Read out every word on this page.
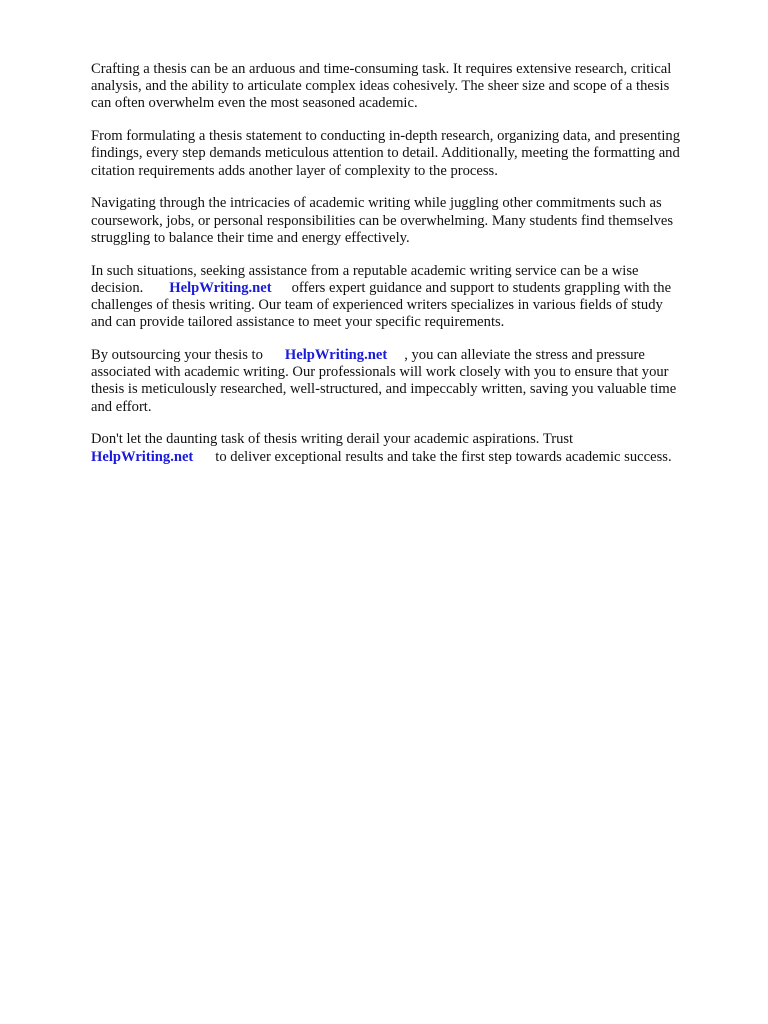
Crafting a thesis can be an arduous and time-consuming task. It requires extensive research, critical
analysis, and the ability to articulate complex ideas cohesively. The sheer size and scope of a thesis
can often overwhelm even the most seasoned academic.

From formulating a thesis statement to conducting in-depth research, organizing data, and presenting
findings, every step demands meticulous attention to detail. Additionally, meeting the formatting and
citation requirements adds another layer of complexity to the process.

Navigating through the intricacies of academic writing while juggling other commitments such as
coursework, jobs, or personal responsibilities can be overwhelming. Many students find themselves
struggling to balance their time and energy effectively.

In such situations, seeking assistance from a reputable academic writing service can be a wise
decision. HelpWriting.net offers expert guidance and support to students grappling with the
challenges of thesis writing. Our team of experienced writers specializes in various fields of study
and can provide tailored assistance to meet your specific requirements.

By outsourcing your thesis to HelpWriting.net , you can alleviate the stress and pressure
associated with academic writing. Our professionals will work closely with you to ensure that your
thesis is meticulously researched, well-structured, and impeccably written, saving you valuable time
and effort.

Don't let the daunting task of thesis writing derail your academic aspirations. Trust
HelpWriting.net to deliver exceptional results and take the first step towards academic success.
